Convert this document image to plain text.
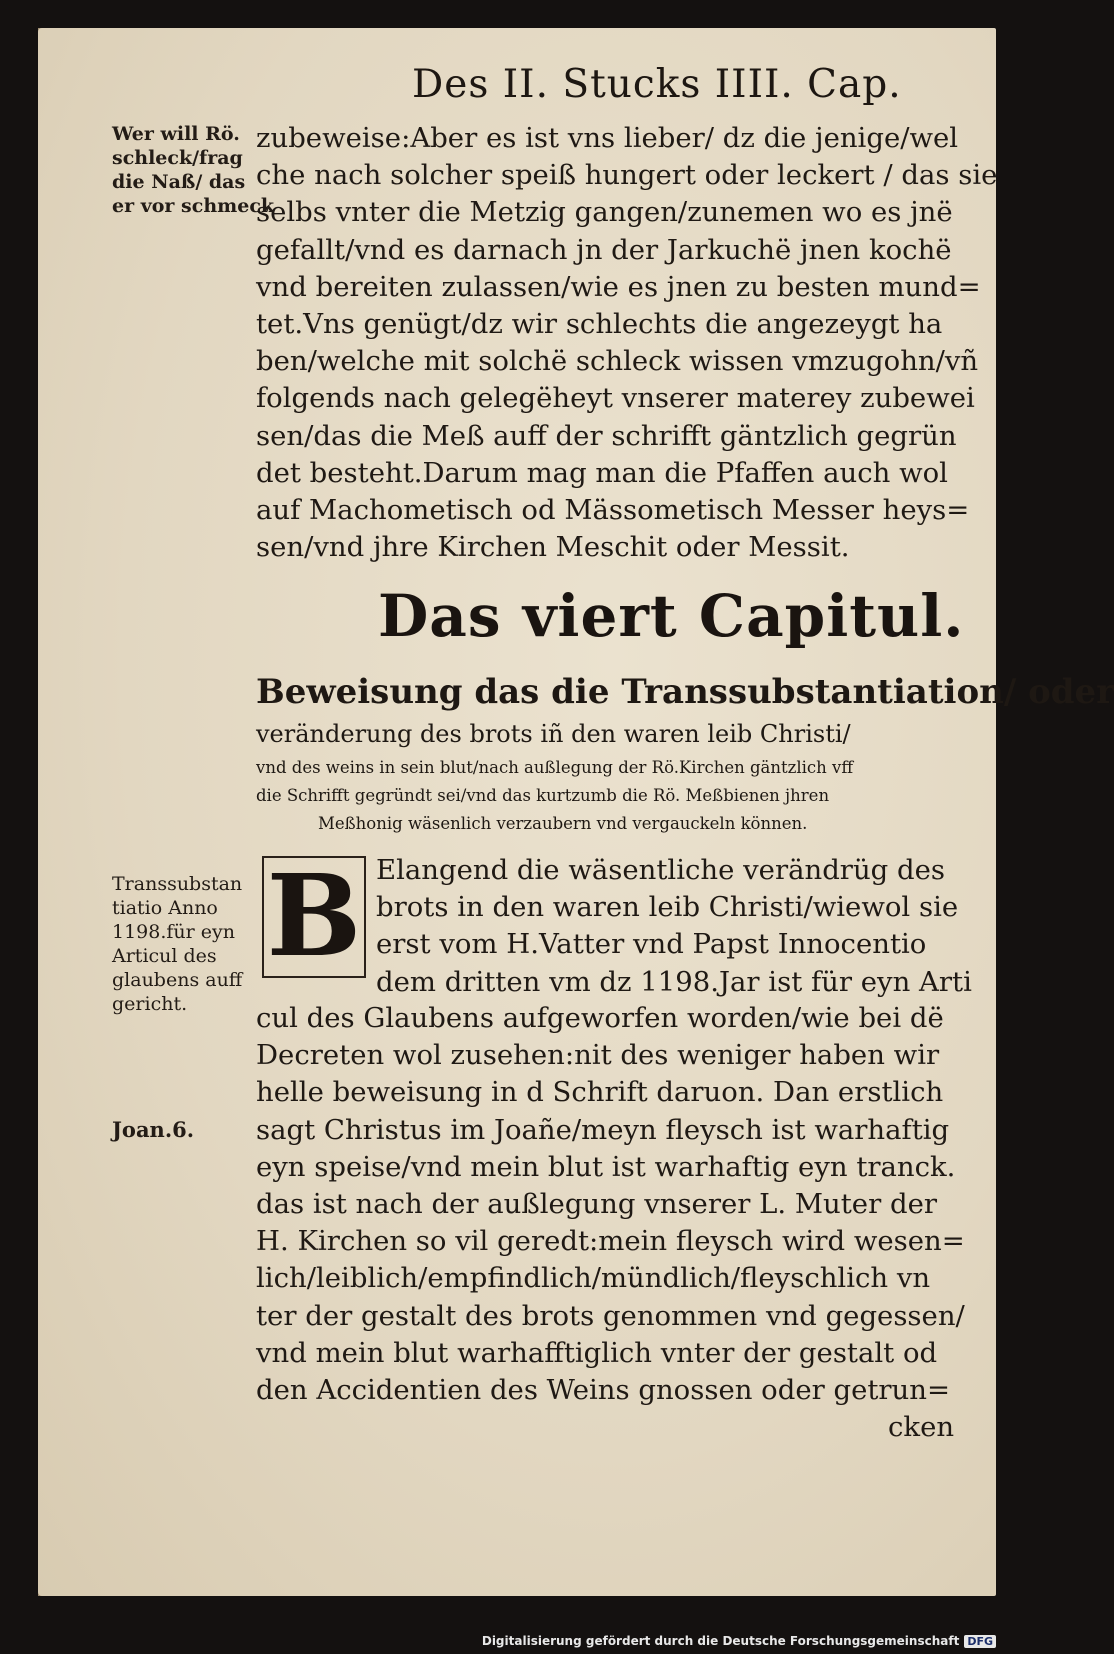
Des II. Stucks IIII. Cap.
zubeweise:Aber es ist vns lieber/ dz die jenige/wel
che nach solcher speiß hungert oder leckert / das sie
selbs vnter die Metzig gangen/zunemen wo es jnë
gefallt/vnd es darnach jn der Jarkuchë jnen kochë
vnd bereiten zulassen/wie es jnen zu besten mund=
tet.Vns genügt/dz wir schlechts die angezeygt ha
ben/welche mit solchë schleck wissen vmzugohn/vñ
folgends nach gelegëheyt vnserer materey zubewei
sen/das die Meß auff der schrifft gäntzlich gegrün
det besteht.Darum mag man die Pfaffen auch wol
auf Machometisch od Mässometisch Messer heys=
sen/vnd jhre Kirchen Meschit oder Messit.
Wer will Rö.
schleck/frag
die Naß/ das
er vor schmeck
Das viert Capitul.
Beweisung das die Transsubstantiation/ oder
veränderung des brots iñ den waren leib Christi/
vnd des weins in sein blut/nach außlegung der Rö.Kirchen gäntzlich vff
die Schrifft gegründt sei/vnd das kurtzumb die Rö. Meßbienen jhren
Meßhonig wäsenlich verzaubern vnd vergauckeln können.
Transsubstan
tiatio Anno
1198.für eyn
Articul des
glaubens auff
gericht.
B Elangend die wäsentliche verändrüg des
brots in den waren leib Christi/wiewol sie
erst vom H.Vatter vnd Papst Innocentio
dem dritten vm dz 1198.Jar ist für eyn Arti
cul des Glaubens aufgeworfen worden/wie bei dë
Decreten wol zusehen:nit des weniger haben wir
helle beweisung in d Schrift daruon. Dan erstlich
sagt Christus im Joañe/meyn fleysch ist warhaftig
eyn speise/vnd mein blut ist warhaftig eyn tranck.
das ist nach der außlegung vnserer L. Muter der
H. Kirchen so vil geredt:mein fleysch wird wesen=
lich/leiblich/empfindlich/mündlich/fleyschlich vn
ter der gestalt des brots genommen vnd gegessen/
vnd mein blut warhafftiglich vnter der gestalt od
den Accidentien des Weins gnossen oder getrun=
cken
Joan.6.
Digitalisierung gefördert durch die Deutsche Forschungsgemeinschaft DFG
